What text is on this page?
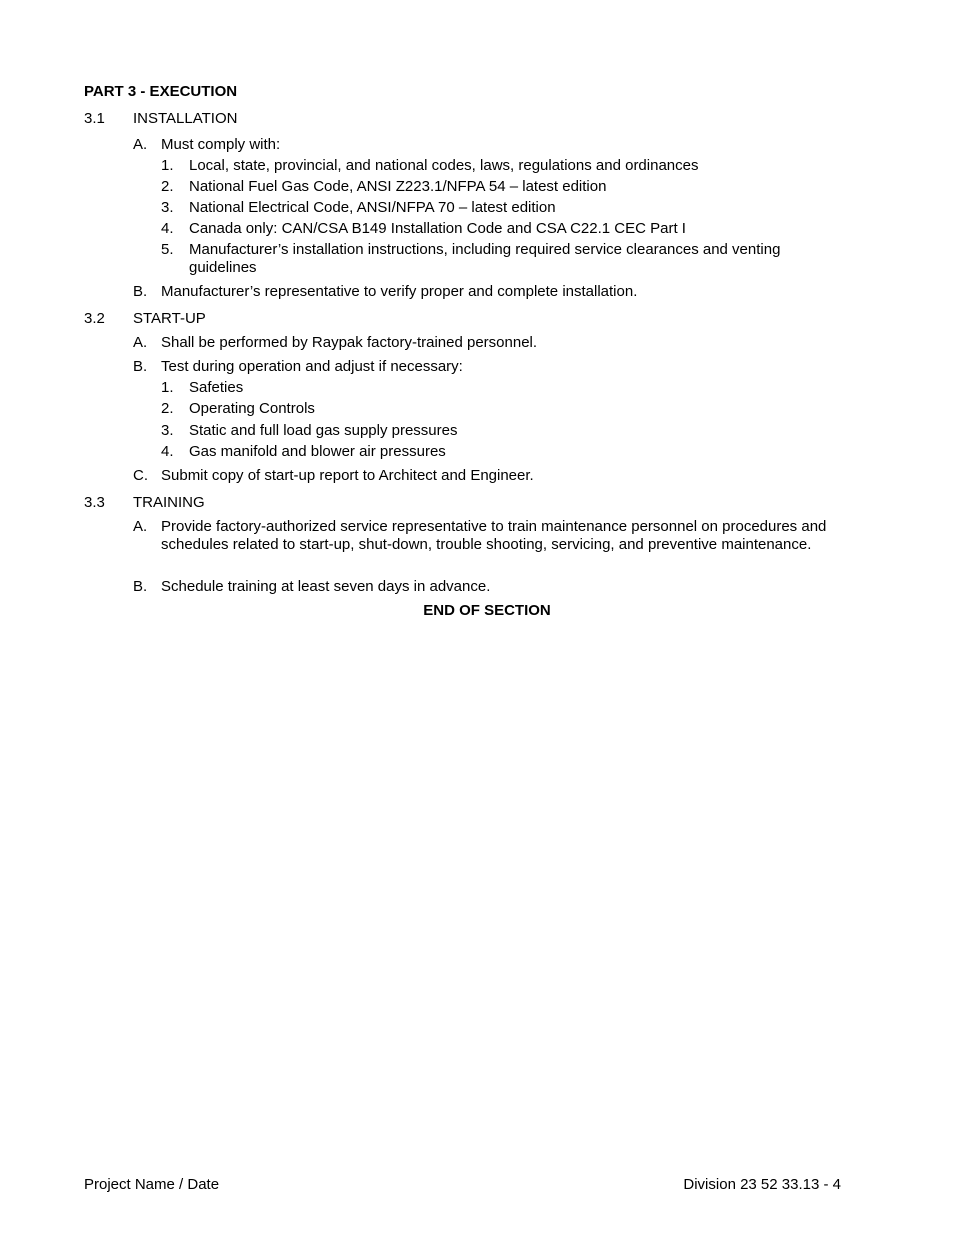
PART 3 - EXECUTION
3.1 INSTALLATION
A. Must comply with:
1. Local, state, provincial, and national codes, laws, regulations and ordinances
2. National Fuel Gas Code, ANSI Z223.1/NFPA 54 – latest edition
3. National Electrical Code, ANSI/NFPA 70 – latest edition
4. Canada only: CAN/CSA B149 Installation Code and CSA C22.1 CEC Part I
5. Manufacturer’s installation instructions, including required service clearances and venting guidelines
B. Manufacturer’s representative to verify proper and complete installation.
3.2 START-UP
A. Shall be performed by Raypak factory-trained personnel.
B. Test during operation and adjust if necessary:
1. Safeties
2. Operating Controls
3. Static and full load gas supply pressures
4. Gas manifold and blower air pressures
C. Submit copy of start-up report to Architect and Engineer.
3.3 TRAINING
A. Provide factory-authorized service representative to train maintenance personnel on procedures and schedules related to start-up, shut-down, trouble shooting, servicing, and preventive maintenance.
B. Schedule training at least seven days in advance.
END OF SECTION
Project Name / Date	Division 23 52 33.13 - 4
